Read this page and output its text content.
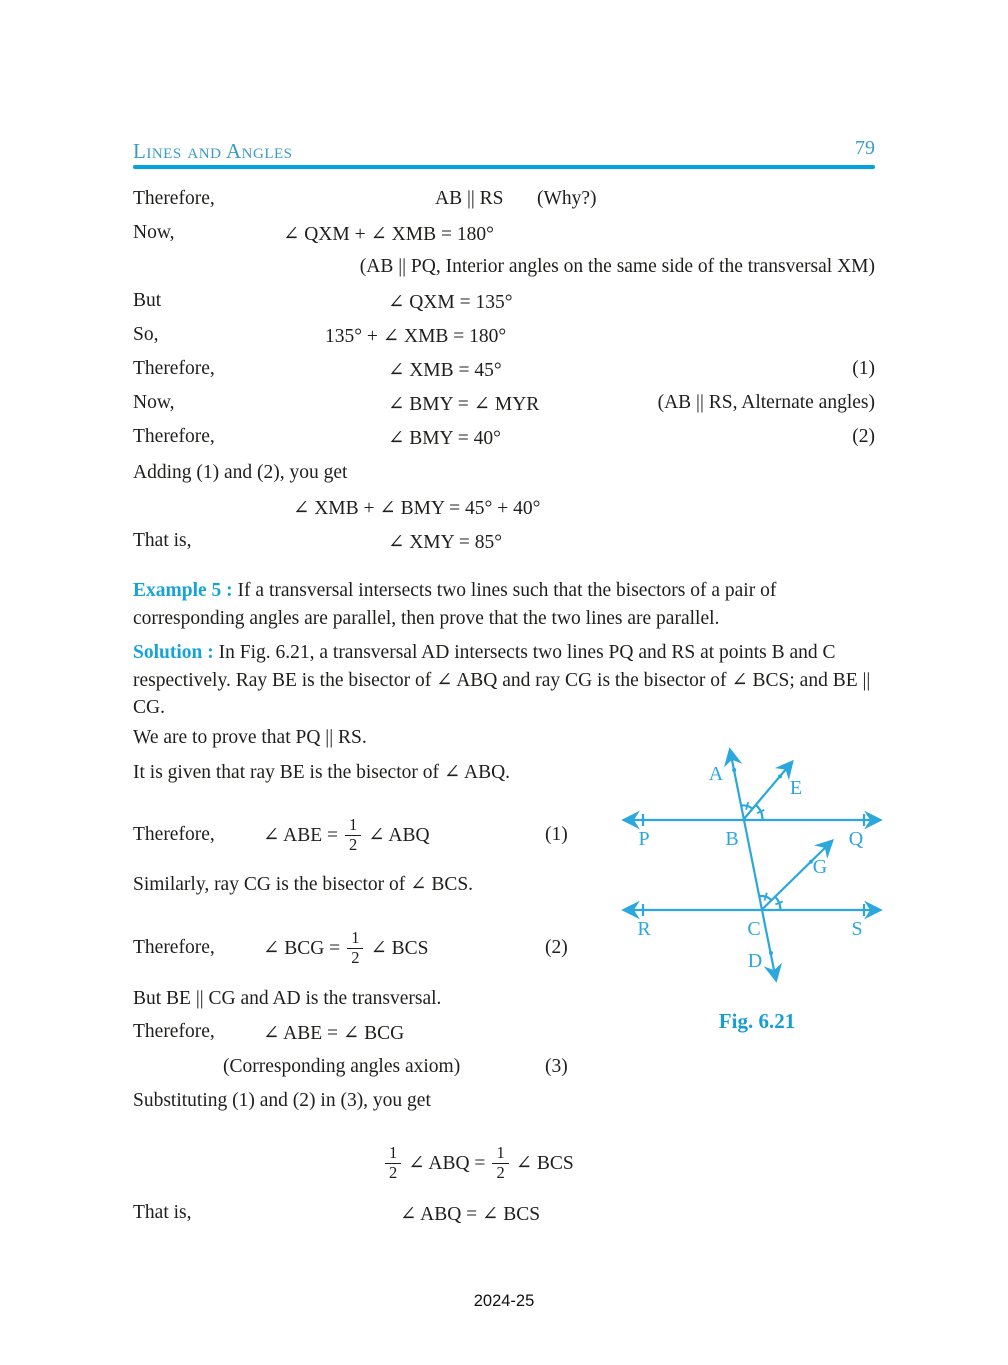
Lines and Angles	79
Therefore,	AB || RS (Why?)
Now,	∠ QXM + ∠ XMB = 180°
(AB || PQ, Interior angles on the same side of the transversal XM)
But	∠ QXM = 135°
So,	135° + ∠ XMB = 180°
Therefore,	∠ XMB = 45°	(1)
Now,	∠ BMY = ∠ MYR	(AB || RS, Alternate angles)
Therefore,	∠ BMY = 40°	(2)
Adding (1) and (2), you get
∠ XMB + ∠ BMY = 45° + 40°
That is,	∠ XMY = 85°
Example 5 : If a transversal intersects two lines such that the bisectors of a pair of corresponding angles are parallel, then prove that the two lines are parallel.
Solution : In Fig. 6.21, a transversal AD intersects two lines PQ and RS at points B and C respectively. Ray BE is the bisector of ∠ ABQ and ray CG is the bisector of ∠ BCS; and BE || CG.
We are to prove that PQ || RS.
It is given that ray BE is the bisector of ∠ ABQ.
Therefore,	∠ ABE = $\frac{1}{2}$ ∠ ABQ	(1)
Similarly, ray CG is the bisector of ∠ BCS.
Therefore,	∠ BCG = $\frac{1}{2}$ ∠ BCS	(2)
But BE || CG and AD is the transversal.
Therefore, ∠ ABE = ∠ BCG
(Corresponding angles axiom)	(3)
Substituting (1) and (2) in (3), you get
$\frac{1}{2}$ ∠ ABQ = $\frac{1}{2}$ ∠ BCS
That is,	∠ ABQ = ∠ BCS
A
E
P	B	Q
G
R	C	S
D
Fig. 6.21
2024-25
